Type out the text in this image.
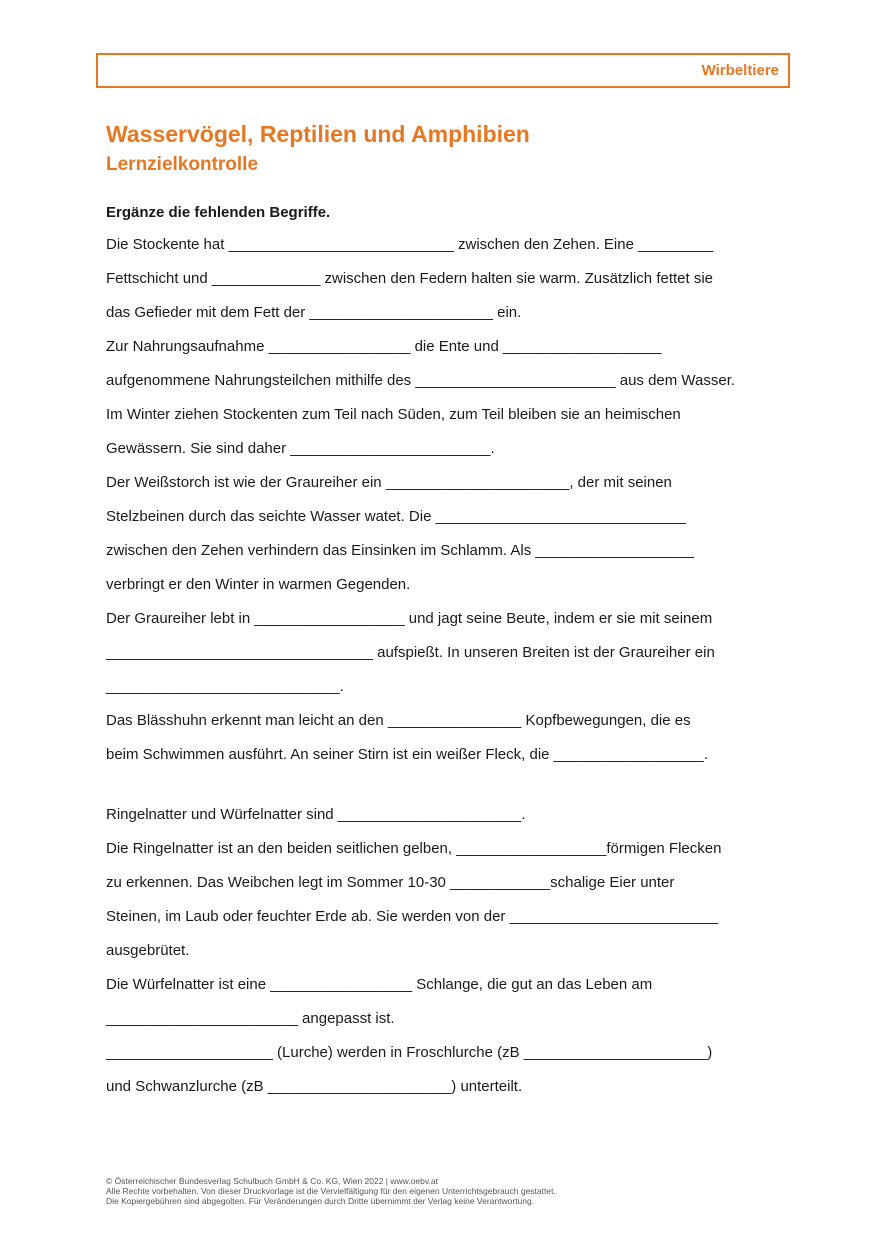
Wirbeltiere
Wasservögel, Reptilien und Amphibien
Lernzielkontrolle
Ergänze die fehlenden Begriffe.
Die Stockente hat ___________________________ zwischen den Zehen. Eine _________
Fettschicht und _____________ zwischen den Federn halten sie warm. Zusätzlich fettet sie
das Gefieder mit dem Fett der ______________________ ein.
Zur Nahrungsaufnahme _________________ die Ente und ___________________
aufgenommene Nahrungsteilchen mithilfe des ________________________ aus dem Wasser.
Im Winter ziehen Stockenten zum Teil nach Süden, zum Teil bleiben sie an heimischen
Gewässern. Sie sind daher ________________________.
Der Weißstorch ist wie der Graureiher ein ______________________, der mit seinen
Stelzbeinen durch das seichte Wasser watet. Die ______________________________
zwischen den Zehen verhindern das Einsinken im Schlamm. Als ___________________
verbringt er den Winter in warmen Gegenden.
Der Graureiher lebt in __________________ und jagt seine Beute, indem er sie mit seinem
________________________________ aufspießt. In unseren Breiten ist der Graureiher ein
____________________________.
Das Blässhuhn erkennt man leicht an den ________________ Kopfbewegungen, die es
beim Schwimmen ausführt. An seiner Stirn ist ein weißer Fleck, die __________________.
Ringelnatter und Würfelnatter sind ______________________.
Die Ringelnatter ist an den beiden seitlichen gelben, __________________förmigen Flecken
zu erkennen. Das Weibchen legt im Sommer 10-30 ____________schalige Eier unter
Steinen, im Laub oder feuchter Erde ab. Sie werden von der _________________________
ausgebrütet.
Die Würfelnatter ist eine _________________ Schlange, die gut an das Leben am
_______________________ angepasst ist.
____________________ (Lurche) werden in Froschlurche (zB ______________________)
und Schwanzlurche (zB ______________________) unterteilt.
© Österreichischer Bundesverlag Schulbuch GmbH & Co. KG, Wien 2022 | www.oebv.at
Alle Rechte vorbehalten. Von dieser Druckvorlage ist die Vervielfältigung für den eigenen Unterrichtsgebrauch gestattet.
Die Kopiergebühren sind abgegolten. Für Veränderungen durch Dritte übernimmt der Verlag keine Verantwortung.
